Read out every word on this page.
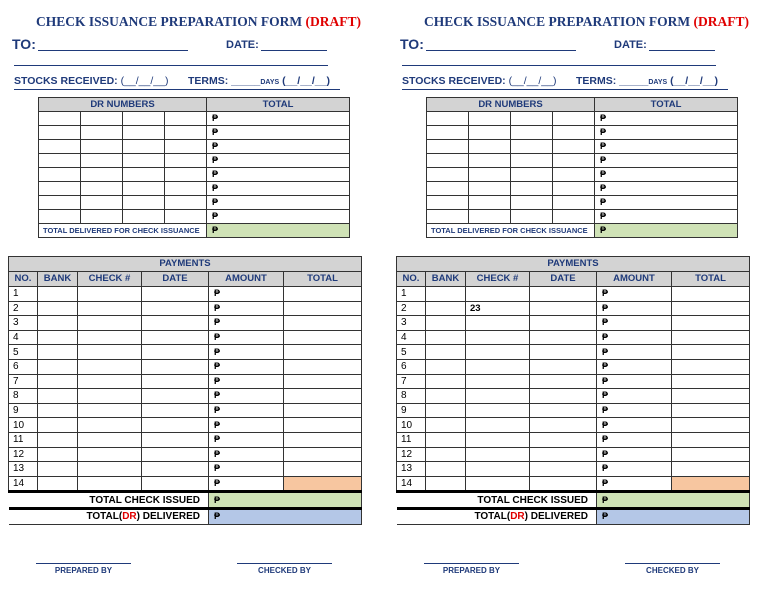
CHECK ISSUANCE PREPARATION FORM (DRAFT)
TO:	DATE:
STOCKS RECEIVED: (__/__/__) TERMS: _____DAYS (__/__/__)
DR NUMBERS				TOTAL
				₱
				₱
				₱
				₱
				₱
				₱
				₱
				₱
TOTAL DELIVERED FOR CHECK ISSUANCE				₱
PAYMENTS					
NO.	BANK	CHECK #	DATE	AMOUNT	TOTAL
1				₱	
2				₱	
3				₱	
4				₱	
5				₱	
6				₱	
7				₱	
8				₱	
9				₱	
10				₱	
11				₱	
12				₱	
13				₱	
14				₱	
TOTAL CHECK ISSUED				₱	
TOTAL(DR) DELIVERED				₱	
PREPARED BY	CHECKED BY
CHECK ISSUANCE PREPARATION FORM (DRAFT)
TO:	DATE:
STOCKS RECEIVED: (__/__/__) TERMS: _____DAYS (__/__/__)
DR NUMBERS				TOTAL
				₱
				₱
				₱
				₱
				₱
				₱
				₱
				₱
TOTAL DELIVERED FOR CHECK ISSUANCE				₱
PAYMENTS					
NO.	BANK	CHECK #	DATE	AMOUNT	TOTAL
1				₱	
2		23		₱	
3				₱	
4				₱	
5				₱	
6				₱	
7				₱	
8				₱	
9				₱	
10				₱	
11				₱	
12				₱	
13				₱	
14				₱	
TOTAL CHECK ISSUED				₱	
TOTAL(DR) DELIVERED				₱	
PREPARED BY	CHECKED BY
